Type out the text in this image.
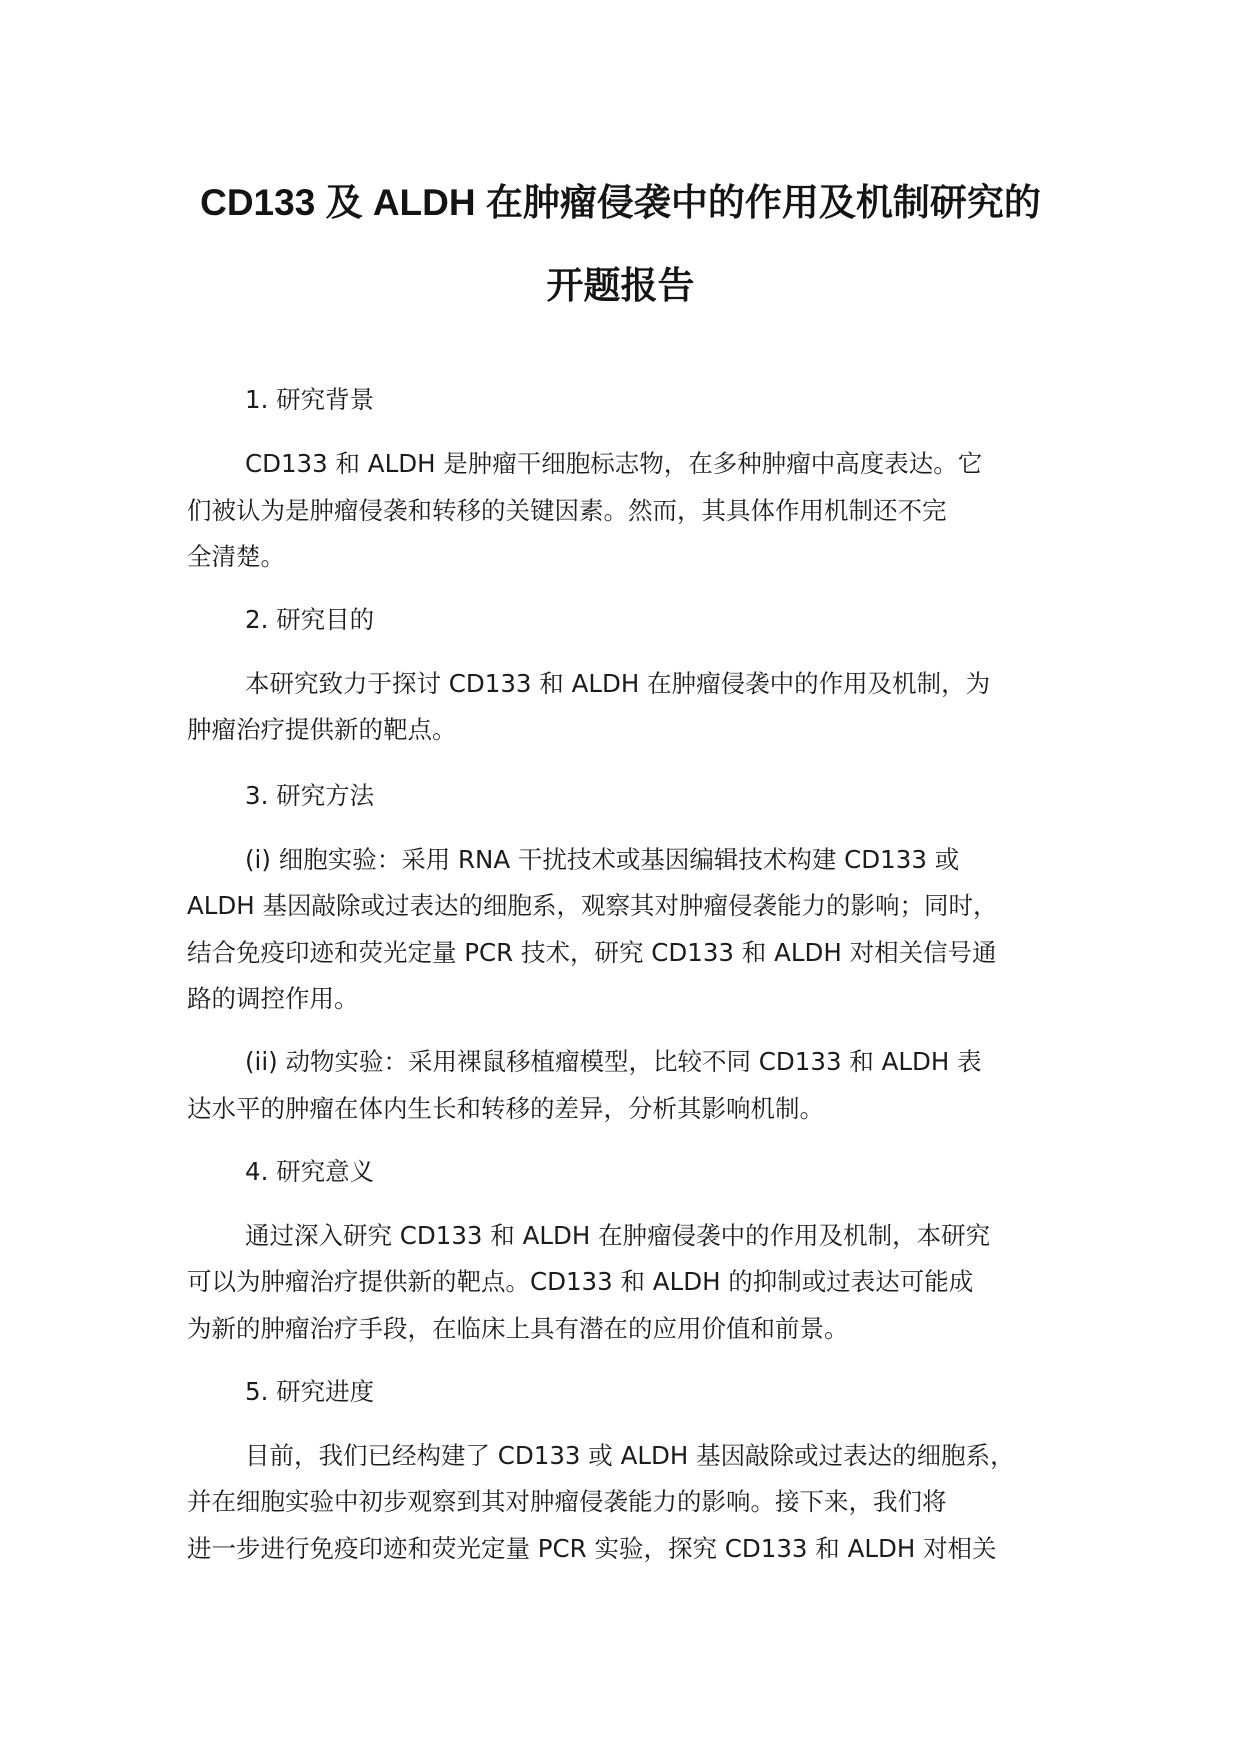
CD133 及 ALDH 在肿瘤侵袭中的作用及机制研究的
开题报告
1. 研究背景
CD133 和 ALDH 是肿瘤干细胞标志物，在多种肿瘤中高度表达。它
们被认为是肿瘤侵袭和转移的关键因素。然而，其具体作用机制还不完
全清楚。
2. 研究目的
本研究致力于探讨 CD133 和 ALDH 在肿瘤侵袭中的作用及机制，为
肿瘤治疗提供新的靶点。
3. 研究方法
(i) 细胞实验：采用 RNA 干扰技术或基因编辑技术构建 CD133 或
ALDH 基因敲除或过表达的细胞系，观察其对肿瘤侵袭能力的影响；同时，
结合免疫印迹和荧光定量 PCR 技术，研究 CD133 和 ALDH 对相关信号通
路的调控作用。
(ii) 动物实验：采用裸鼠移植瘤模型，比较不同 CD133 和 ALDH 表
达水平的肿瘤在体内生长和转移的差异，分析其影响机制。
4. 研究意义
通过深入研究 CD133 和 ALDH 在肿瘤侵袭中的作用及机制，本研究
可以为肿瘤治疗提供新的靶点。CD133 和 ALDH 的抑制或过表达可能成
为新的肿瘤治疗手段，在临床上具有潜在的应用价值和前景。
5. 研究进度
目前，我们已经构建了 CD133 或 ALDH 基因敲除或过表达的细胞系，
并在细胞实验中初步观察到其对肿瘤侵袭能力的影响。接下来，我们将
进一步进行免疫印迹和荧光定量 PCR 实验，探究 CD133 和 ALDH 对相关
